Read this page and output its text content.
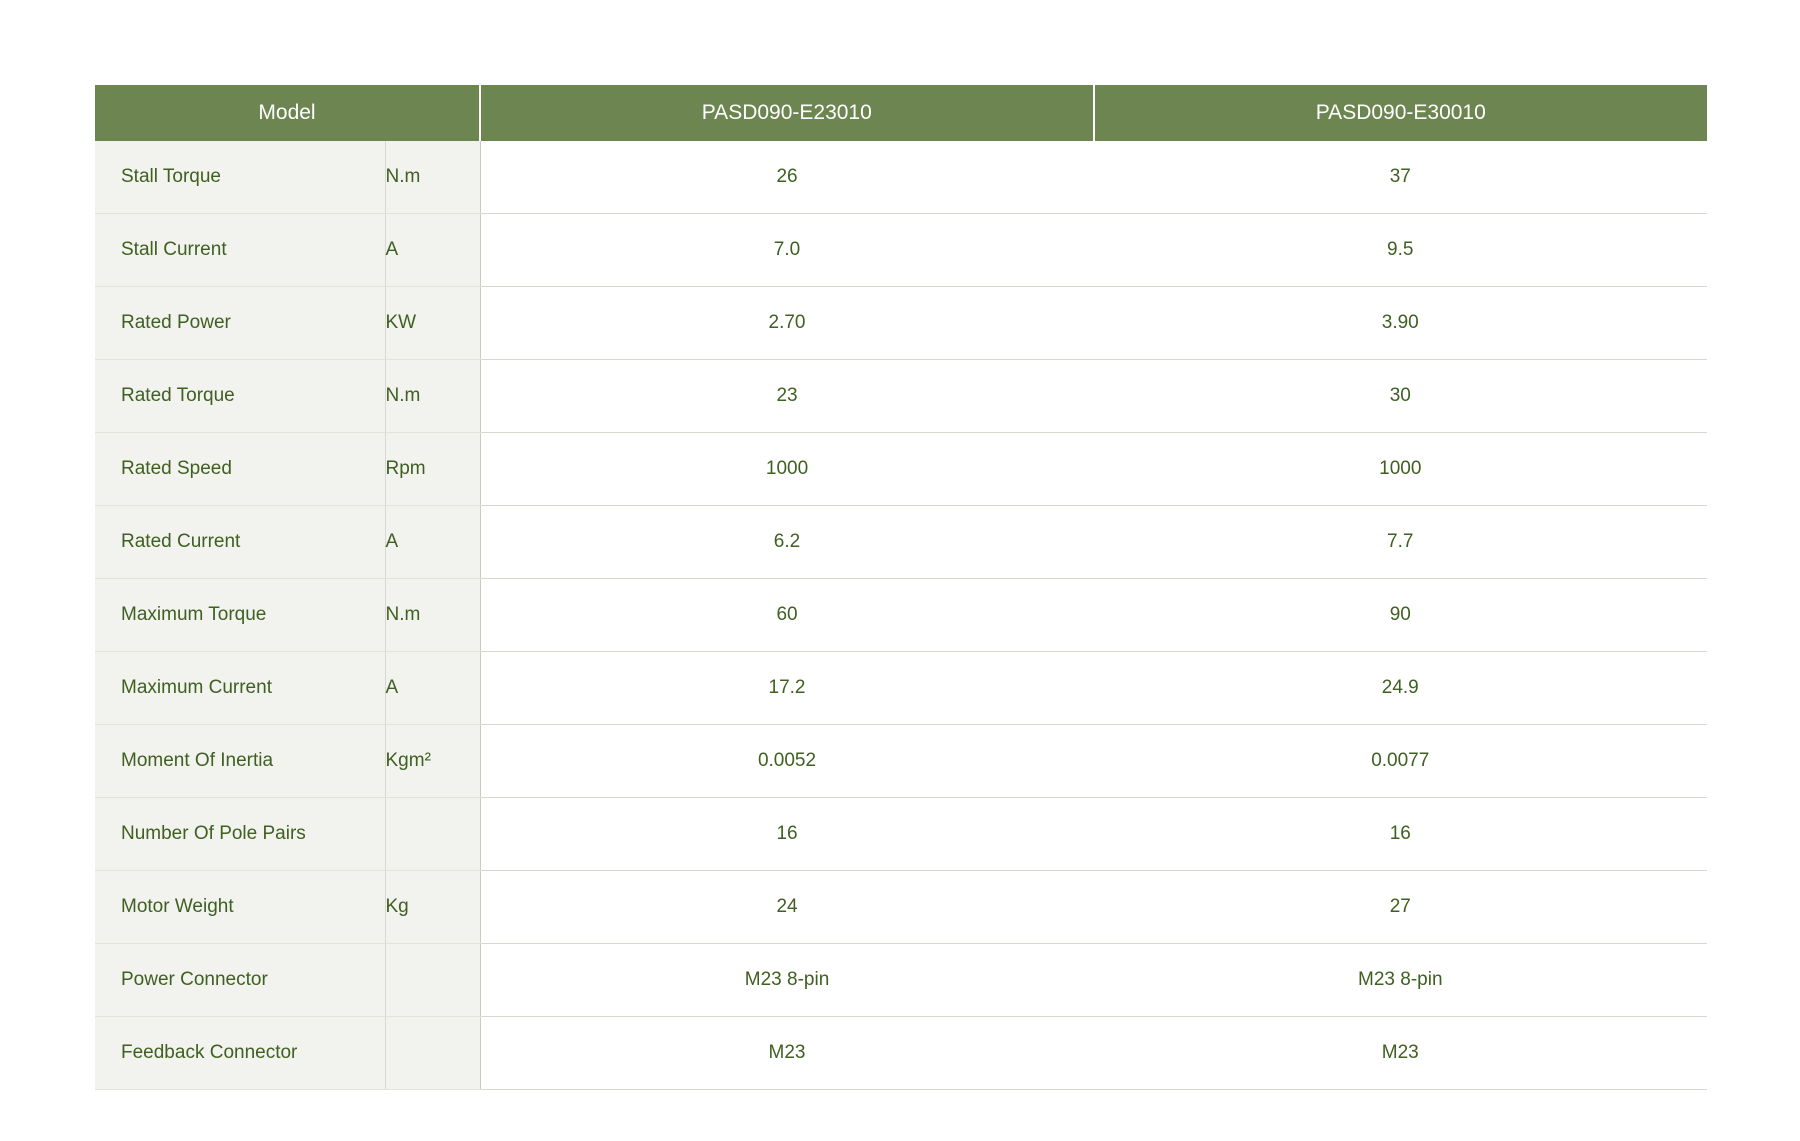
Model		PASD090-E23010	PASD090-E30010
Stall Torque	N.m	26	37
Stall Current	A	7.0	9.5
Rated Power	KW	2.70	3.90
Rated Torque	N.m	23	30
Rated Speed	Rpm	1000	1000
Rated Current	A	6.2	7.7
Maximum Torque	N.m	60	90
Maximum Current	A	17.2	24.9
Moment Of Inertia	Kgm²	0.0052	0.0077
Number Of Pole Pairs		16	16
Motor Weight	Kg	24	27
Power Connector		M23 8-pin	M23 8-pin
Feedback Connector		M23	M23
